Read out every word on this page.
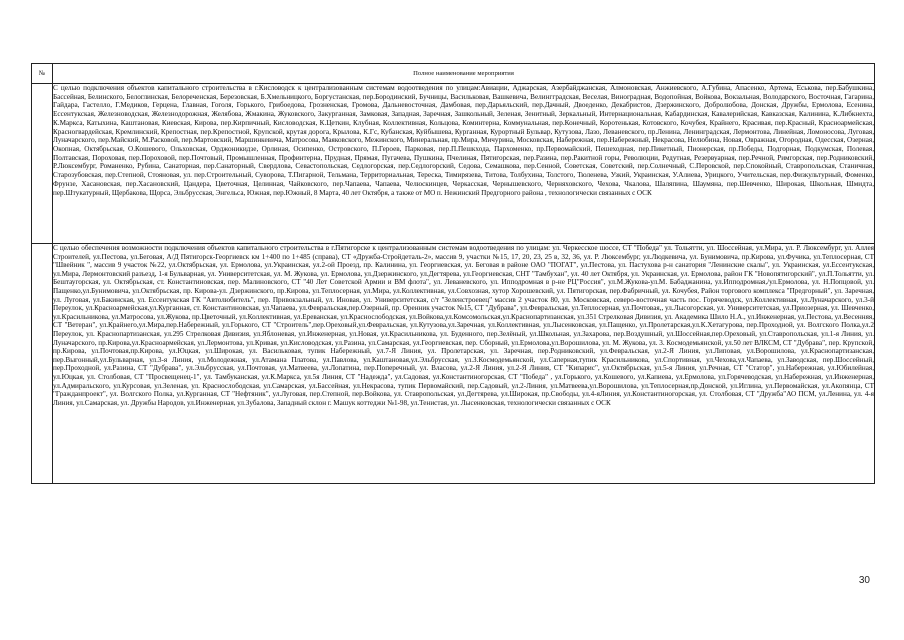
№	Полное наименование мероприятия
	С целью подключения объектов капитального строительства в г.Кисловодск к централизованным системам водоотведения по улицам:Авиации, Аджарская, Азербайджанская, Алмоновская, Анжиевского, А.Губина, Апасенко, Артема, Еськова, пер.Бабушкина, Бассейная, Белинского, Белоглинская, Белореченская, Березовская, Б.Хмельницкого, Боргустанская, пер.Бородинский, Бучницы, Васильковая, Вашкевича, Велингградская, Веселая, Виноградная, Водопойная, Войкова, Вокзальная, Володарского, Восточная, Гагарина, Гайдара, Гастелло, Г.Медиков, Герцена, Главная, Гоголя, Горького, Грибоедова, Грозненская, Громова, Дальневосточная, Дамбовая, пер.Дарьяльский, пер.Дачный, Двоеденко, Декабристов, Дзержинского, Добролюбова, Донская, Дружбы, Ермолова, Есенина, Ессентукская, Железноводская, Железнодорожная, Желябова, Жмакина, Жуковского, Закурганная, Замковая, Западная, Заречная, Зашкольный, Зеленая, Зенитный, Зеркальный, Интернациональная, Кабардинская, Кавалерийская, Кавказская, Калинина, К.Либкнехта, К.Маркса, Катыхина, Каштановая, Киевская, Кирова, пер.Кирпичный, Кисловодская, К.Цеткин, Клубная, Коллективная, Кольцова, Коминтерна, Коммунальная, пер.Конечный, Коротенькая, Котовского, Кочубея, Крайнего, Красивая, пер.Красный, Красноармейская, Красногвардейская, Кремлинский, Крепостная, пер.Крепостной, Крупской, крутая дорога, Крылова, К.Гс, Кубанская, Куйбышева, Курганная, Курортный Бульвар, Кутузова, Лазо, Леваневского, пр.Ленина, Ленинградская, Лермонтова, Линейная, Ломоносова, Луговая, Луначарского, пер.Майский, М.Расковой, пер.Мартовский, Маршинкевича, Матросова, Маяковского, Межинского, Минеральная, пр.Мира, Мичурина, Московская, Набережная, пер.Набережный, Некрасова, Нелюбина, Новая, Овражная, Огородная, Одесская, Озерная, Окопная, Октябрьская, О.Кошевого, Ольховская, Орджоникидзе, Орлиная, Осипенко, Островского, П.Героев, Парковая, пер.П.Пешкхода, Пархоменко, пр.Первомайский, Пешеходная, пер.Пикетный, Пионерская, пр.Победы, Подгорная, Подкумская, Полевая, Полтавская, Пороховая, пер.Пороховой, пер.Почтовый, Промышленная, Профинтерна, Прудная, Прямая, Пугачева, Пушкина, Пчелиная, Пятигорская, пер.Разина, пер.Ракитной горы, Революции, Редутная, Резервуарная, пер.Речной, Римгорская, пер.Родниковский, Р.Люксембург, Романенко, Рубина, Санаторная, пер.Санаторный, Свердлова, Севастопольская, Седлогорская, пер.Седлогорский, Седова, Семашкова, пер.Сенной, Советская, Советский, пер.Солнечный, С.Перовской, пер.Спокойный, Ставропольская, Станичная, Старозубовская, пер.Степной, Стояновая, ул. пер.Строительный, Суворова, Т.Пигарной, Тельмана, Территориальная, Тереска, Тимирязева, Титова, Толбухина, Толстого, Тюленева, Узкий, Украинская, У.Алиева, Урицкого, Учительская, пер.Физкультурный, Фоменко, Фрунзе, Хасановская, пер.Хасановский, Цандера, Цветочная, Целинная, Чайковского, пер.Чапаева, Чапаева, Челюскинцев, Черкасская, Чернышевского, Черняховского, Чехова, Чкалова, Шаляпина, Шаумяна, пер.Шевченко, Широкая, Школьная, Шмидта, пер.Штукатурный, Щербакова, Щорса, Эльбрусская, Энгельса, Южная, пер.Южный, 8 Марта, 40 лет Октября, а также от МО п. Нежинский Предгорного района , технологически связанных с ОСК
	С целью обеспечения возможности подключения объектов капитального строительства в г.Пятигорске к централизованным системам водоотведения по улицам: ул. Черкесское шоссе, СТ "Победа" ул. Тольятти, ул. Шоссейная, ул.Мира, ул. Р. Люксембург, ул. Аллея Строителей, ул.Пестова, ул.Беговая, А/Д Пятигорск-Георгиевск км 1+400 по 1+485 (справа), СТ «Дружба-Стройдеталь-2», массив 9, участки №15, 17, 20, 23, 25 в, 32, 36, ул. Р. Люксембург, ул.Людкевича, ул. Бунимовича, пр.Кирова, ул.Фучика, ул.Теплосерная, СТ "Швейник ", массив 9 участок №22, ул.Октябрьская, ул. Ермолова, ул.Украинская, ул.2-ой Проезд, пр. Калинина, ул. Георгиевская, ул. Беговая в районе ОАО "ПОГАТ", ул.Пестова, ул. Пастухова р-н санатория "Ленинские скалы", ул. Украинская, ул.Ессентукская, ул.Мира, Лермонтовский разъезд, 1-я Бульварная, ул. Университетская, ул. М. Жукова, ул. Ермолова, ул.Дзержинского, ул.Дегтярева, ул.Георгиевская, СНТ "Тамбухан", ул. 40 лет Октября, ул. Украинская, ул. Ермолова, район ГК "Новопятигорский", ул.П.Тольятти, ул. Бештаугорская, ул. Октябрьская, ст. Константиновская, пер. Малиновского, СТ "40 Лет Советской Армии и ВМ флота", ул. Леваневского, ул. Ипподромная в р-не РЦ"Россия", ул.М.Жукова-ул.М. Бабаджанина, ул.Ипподромная,/ул.Ермолова, ул. Н.Попцовой, ул. Пащенко,ул.Бунимовича, ул.Октябрьская, пр. Кирова-ул. Дзержинского, пр.Кирова, ул.Теплосерная, ул.Мира, ул.Коллективная, ул.Совхозная, хутор Хорошевский, ул. Пятигорская, пер.Фабричный, ул. Кочубея, Район торгового комплекса "Предгорный", ул. Заречная, ул. Луговая, ул.Бакинская, ул. Ессентукская ГК "Автолюбитель", пер. Привокзальный, ул. Иновая, ул. Университетская, с/т "Зеленстроевец" массив 2 участок 80, ул. Московская, северо-восточная часть пос. Горячеводск, ул.Коллективная, ул.Луначарского, ул.3-й Переулок, ул.Красноармейская,ул.Курганная, ст. Константиновская, ул.Чапаева, ул.Февральская,пер.Озерный, пр. Оренник участок №15, СТ "Дубрава", ул.Февральская, ул.Теплосерная, ул.Почтовая,, ул.Лысогорская, ул. Университетская, ул.Приозерная, ул. Шевченко, ул.Красильникова, ул.Матросова, ул.Жукова, пр.Цветочный, ул.Коллективная, ул.Ереванская, ул.Краснослободская, ул.Войкова,ул.Комсомольская,ул.Краснопартизанская, ул.351 Стрелковая Дивизия, ул. Академика Шило Н.А., ул.Инженерная, ул.Пестова, ул.Весенняя, СТ "Ветеран", ул.Крайнего,ул.Мира,пер.Набережный, ул.Горького, СТ "Строитель",пер.Ореховый,ул.Февральская, ул.Кутузова,ул.Заречная, ул.Коллективная, ул.Лысенковская, ул.Пащенко, ул.Пролетарская,ул.К.Хетагурова, пер.Проходной, ул. Волгского Полка,ул.2 Переулок, ул. Краснопартизанская, ул.295 Стрелковая Дивизия, ул.Яблоневая, ул.Инженерная, ул.Новая, ул.Красильникова, ул. Буденного, пер.Зелёный, ул.Школьная, ул.Захарова, пер.Воздушный, ул.Шоссейная,пер.Ореховый, ул.Ставропольская, ул.1-я Линия, ул. Луначарского, пр.Кирова,ул.Красноармейская, ул.Лермонтова, ул.Кривая, ул.Кисловодская, ул.Разина, ул.Самарская, ул.Георгиевская, пер. Сборный, ул.Ермолова,ул.Ворошилова, ул. М. Жукова, ул. 3. Космодемьянской, ул.50 лет ВЛКСМ, СТ "Дубрава", пер. Крупской, пр.Кирова, ул.Почтовая,пр.Кирова, ул.Юцкая, ул.Широкая, ул. Васильковая, тупик Набережный, ул.7-Я Линия, ул. Пролетарская, ул. Заречная, пер.Родниковский, ул.Февральская, ул.2-Я Линия, ул.Липовая, ул.Ворошилова, ул.Краснопартизанская, пер.Выгонный,ул.Бульварная, ул.3-я Линия, ул.Молодежная, ул.Атамана Платова, ул.Павлова, ул.Каштановая,ул.Эльбрусская, ул.З.Космодемьянской, ул.Саперная,тупик Красильникова, ул.Спортивная, ул.Чехова,ул.Чапаева, ул.Заводская, пер.Шоссейный, пер.Проходной, ул.Разина, СТ "Дубрава", ул.Эльбрусская, ул.Почтовая, ул.Матвеева, ул.Лопатина, пер.Поперечный, ул. Власова, ул.2-Я Линия, ул.2-Я Линия, СТ "Кипарис", ул.Октябрьская, ул.5-я Линия, ул.Речная, СТ "Статор", ул.Набережная, ул.Юбилейная, ул.Юцкая, ул. Столбовая, СТ "Просвещенец-1", ул. Тамбуканская, ул.К.Маркса, ул.5я Линия, СТ "Надежда", ул.Садовая, ул.Константиногорская, СТ "Победа" , ул.Горького, ул.Кошевого, ул.Капиева, ул.Ермолова, ул.Горячеводская, ул.Набережная, ул.Инженерная, ул.Адмиральского, ул.Курсовая, ул.Зеленая, ул. Краснослободская, ул.Самарская, ул.Бассейная, ул.Некрасова, тупик Первомайский, пер.Садовый, ул.2-Линия, ул.Матвеева,ул.Ворошилова, ул.Теплосерная,пр.Донской, ул.Иглина, ул.Первомайская, ул.Акопянца, СТ "Гражданпроект", ул. Волгского Полка, ул.Курганная, СТ "Нефтяник", ул.Луговая, пер.Степной, пер.Войкова, ул. Ставропольская, ул.Дегтярева, ул.Широкая, пр.Свободы, ул.4-яЛиния, ул.Константиногорская, ул. Столбовая, СТ "Дружба"АО ПСМ, ул.Ленина, ул. 4-я Линия, ул.Самарская, ул. Дружбы Народов, ул.Инженерная, ул.Зубалова, Западный склон г. Машук коттеджи №1-98, ул.Тенистая, ул. Лысенковская, технологически связанных с ОСК
30
